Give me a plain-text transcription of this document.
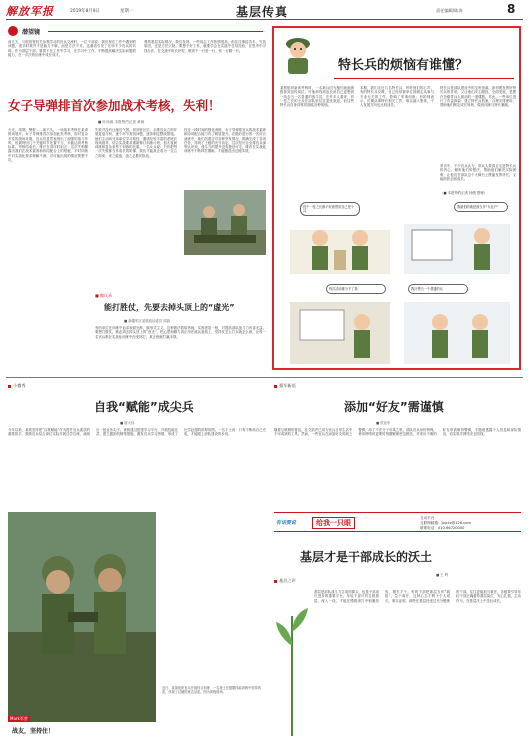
解放军报	2019年8月9日	星期一	基层传真	责任编辑/陈涛	8
潜望镜
前几天，与旅营管机关参观学习的官兵交流时，一位干部说：我们现在工作中遇到的问题，很多时候并不是能力不够，而是方法不对。这番话引发了在场不少官兵的共鸣。作为基层干部，要善于在工作中学习，在学习中工作，不断提高解决实际问题的能力，在一次次的历练中成长成才。
观察基层实际情况，我们发现，一些同志工作热情很高，但往往事倍功半。究其原因，还是方法欠缺。要想干好工作，就要学会在实践中总结经验，在思考中寻找办法，在交流中取长补短，做到干一行爱一行、钻一行精一行。
女子导弹排首次参加战术考核，失利！
■ 叶扬威 本报特约记者 黄焕
火光、浓烟、警报……前不久，一场战术考核在某训练场展开。女子导弹排首次参加此类考核，面对复杂多变的战场环境，官兵们虽然表现出了顽强的战斗作风，但最终因几个关键环节处置不当，未能达到考核标准。考核结束后，排长在讲评时坦言：这次失利暴露出我们在战术素养和协同配合上的短板，平时训练中对实战化要求理解不深，对可能出现的情况预想不足。
失败并没有让她们气馁。回到营区后，全排官兵立即开展复盘分析，逐个环节查找问题，逐条制定整改措施。她们主动向兄弟单位学习取经，邀请经验丰富的老班长现场指导，结合实战要求重新修订训练计划，加大夜间训练和复杂条件下训练的比重。一名女兵说：只有把每一次失败都当作成长的阶梯，我们才能真正成为一支召之即来、来之能战、战之必胜的队伍。
经过一段时间的强化训练，女子导弹排官兵的战术素养和协同配合能力有了明显提升。在随后进行的一次综合演练中，她们沉着应对各种突发情况，圆满完成了各项任务，得到了上级的充分肯定。这次经历让全排官兵深刻认识到，战斗力的提升没有捷径可走，唯有在实战化训练中不断摔打磨砺，才能锻造出过硬本领。
■ 微议录
能打胜仗，先要去掉头顶上的“虚光”
■ 新疆军区某旅政治委员 周凯
有的单位在训练中追求表面光鲜，搞形式主义，这种做法看似热闹，实则虚晃一枪，对提高部队战斗力有害无益。要想打胜仗，就必须去掉头顶上的“虚光”，把心思和精力真正用在练兵备战上，坚持仗怎么打兵就怎么练，让每一名官兵都在实战化训练中经受摔打，真正练就打赢本领。
特长兵的烦恼有谁懂？
某旅组织新训考核时，一名新兵因为擅长画画被推荐到宣传岗位，可他却找到连长说自己更想到一线去当一名普通的战斗员。在许多人看来，有一技之长的士兵在部队里往往更受欢迎，但这些特长兵自身却常常面临各种烦恼。
本期，我们走近几名特长兵，听听他们的心声。有的特长兵反映，自己经常被单位抽调去从事与专业无关的工作，影响了军事训练；有的则表示，长期从事特长相关工作，难以融入集体，个人发展方向也比较迷茫。
特长兵是部队建设中的宝贵资源。如何既发挥好特长兵的作用，又让他们安心服役、全面发展，是摆在各级带兵人面前的一道课题。对此，一些单位进行了有益探索：建立特长兵档案，合理安排使用；帮助他们制定成长规划，做到训练与特长兼顾。
采访中，不少官兵认为，带兵人要真正走进特长兵的内心，倾听他们的想法，帮助他们解决实际困难，让他们在部队这个大舞台上既能发挥所长，又能收获全面成长。
（■ 本报特约记者 杨骏 整理）
没个一技之长都不好意思说自己是个兵
我最怕的就是被当作“专业户”
每次活动都少不了我	我只想当一个普通的兵
小微秀
自我“赋能”成尖兵
■ 唐大伟
今年以来，某旅坚持把“自我赋能”作为提升官兵素质的重要抓手，鼓励官兵结合岗位实际开展自学自练，涌现出一批业务尖子。该旅通过搭建学习平台、开展技能比武、建立激励机制等措施，激发官兵学习热情，形成了比学赶超的浓厚氛围。一名下士说：只有不断给自己充电，才能跟上部队建设的步伐。
Mark军营
战友，坚持住！
近日，某部组织官兵开展综合训练，一名战士在极限体能训练中坚持到底，体现了过硬的意志品质。图为训练现场。
强军新语
添加“好友”需谨慎
■ 张亚东
随着互联网的普及，社交软件已成为官兵日常生活中不可或缺的工具。然而，一些官兵在添加好友时缺乏警惕，给了不法分子可乘之机。部队官兵身份特殊，使用网络时更要时刻绷紧保密这根弦，对来历不明的好友申请保持警惕，不随意透露个人信息和部队情况，切实筑牢网络安全防线。
有话要说	给我一只眼
互动平台
互联网邮箱：jbjccz@126.com
联系电话：010-66720000
基层才是干部成长的沃土
■ 王 利
基层之声
基层是部队战斗力生成的源头，也是干部成长进步的重要平台。年轻干部只有扎根基层、深入一线，才能在摸爬滚打中积累经验、增长才干。有的干部把基层当作“跳板”，急于离开，这种心态不利于个人成长。事实证明，那些在基层经受过充分锻炼的干部，往往更能担当重任。各级要引导年轻干部正确看待基层岗位，安心扎根、主动作为，在基层沃土中茁壮成长。
